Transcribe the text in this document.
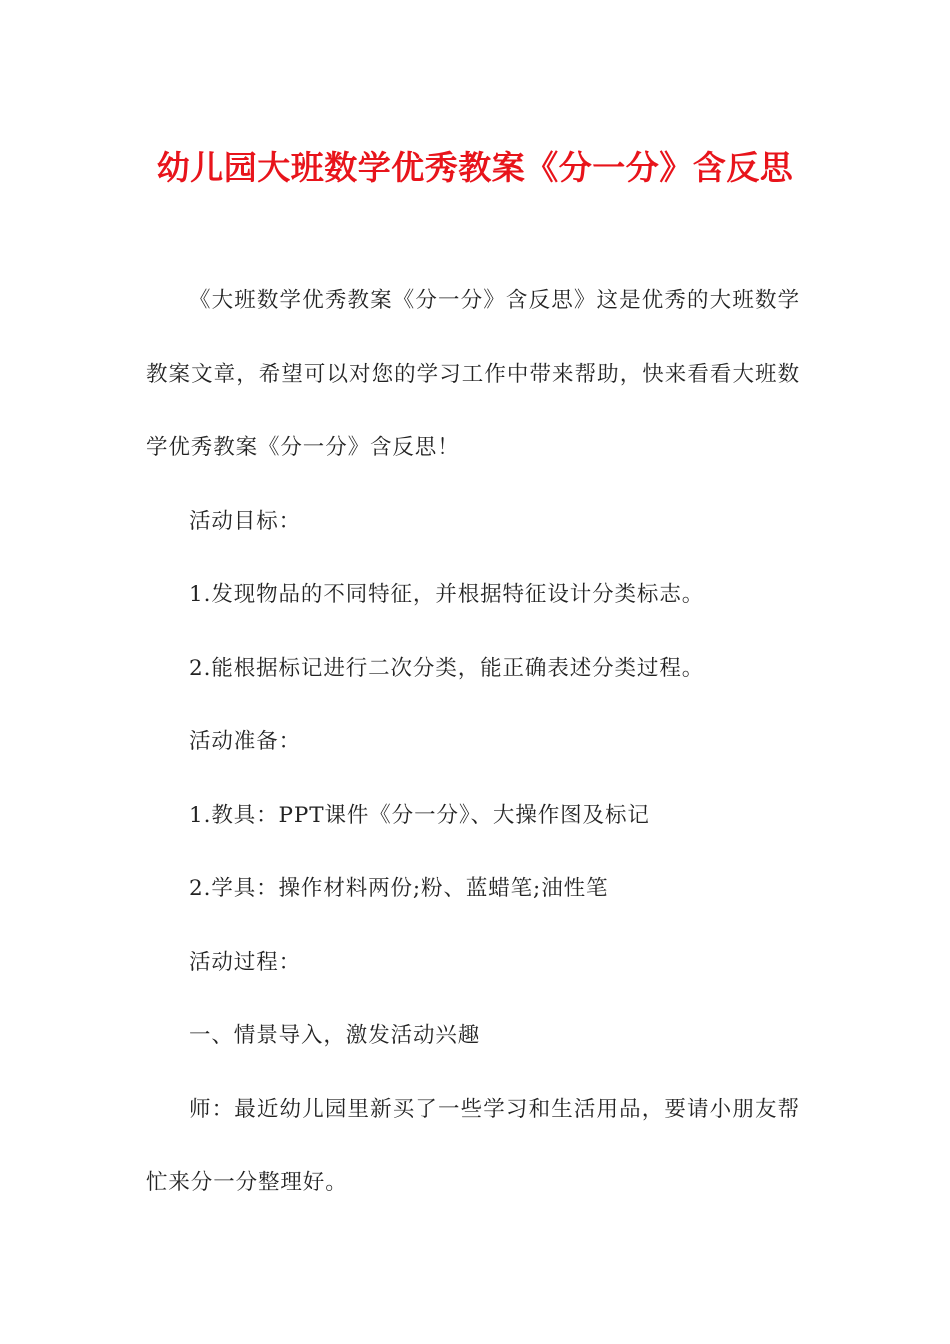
幼儿园大班数学优秀教案《分一分》含反思

《大班数学优秀教案《分一分》含反思》这是优秀的大班数学教案文章，希望可以对您的学习工作中带来帮助，快来看看大班数学优秀教案《分一分》含反思！

活动目标：

1.发现物品的不同特征，并根据特征设计分类标志。

2.能根据标记进行二次分类，能正确表述分类过程。

活动准备：

1.教具：PPT课件《分一分》、大操作图及标记

2.学具：操作材料两份;粉、蓝蜡笔;油性笔

活动过程：

一、情景导入，激发活动兴趣

师：最近幼儿园里新买了一些学习和生活用品，要请小朋友帮忙来分一分整理好。
